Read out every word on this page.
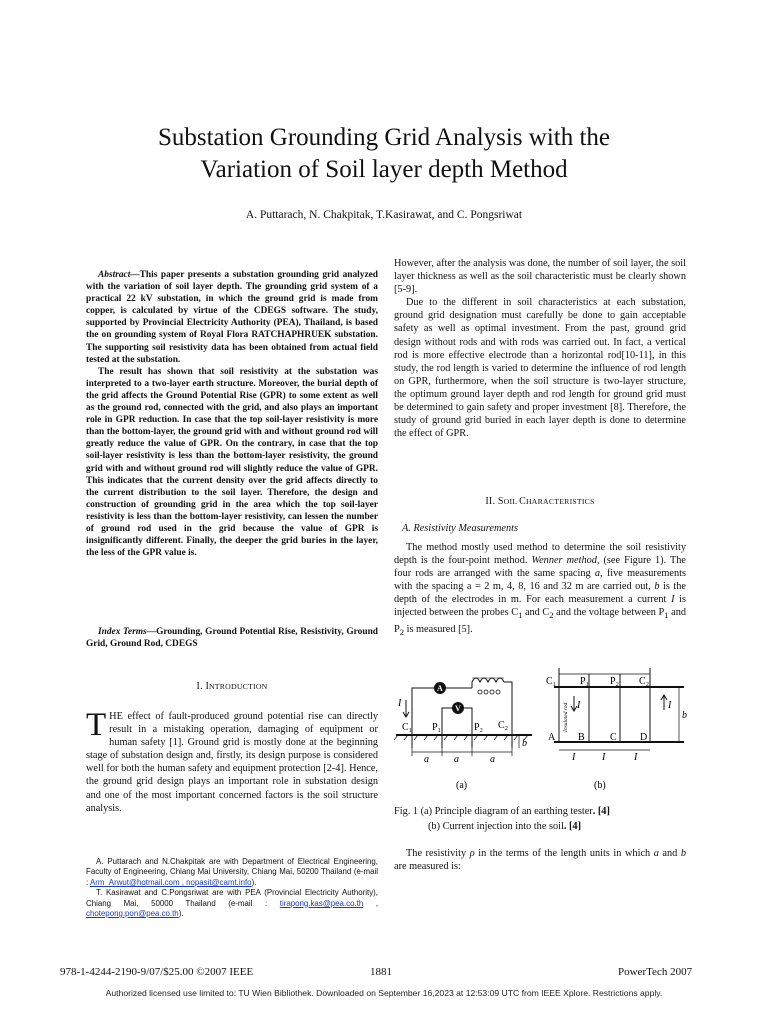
Substation Grounding Grid Analysis with the
Variation of Soil layer depth Method
A. Puttarach, N. Chakpitak, T.Kasirawat, and C. Pongsriwat

Abstract—This paper presents a substation grounding grid analyzed with the variation of soil layer depth. The grounding grid system of a practical 22 kV substation, in which the ground grid is made from copper, is calculated by virtue of the CDEGS software. The study, supported by Provincial Electricity Authority (PEA), Thailand, is based the on grounding system of Royal Flora RATCHAPHRUEK substation. The supporting soil resistivity data has been obtained from actual field tested at the substation.

The result has shown that soil resistivity at the substation was interpreted to a two-layer earth structure. Moreover, the burial depth of the grid affects the Ground Potential Rise (GPR) to some extent as well as the ground rod, connected with the grid, and also plays an important role in GPR reduction. In case that the top soil-layer resistivity is more than the bottom-layer, the ground grid with and without ground rod will greatly reduce the value of GPR. On the contrary, in case that the top soil-layer resistivity is less than the bottom-layer resistivity, the ground grid with and without ground rod will slightly reduce the value of GPR. This indicates that the current density over the grid affects directly to the current distribution to the soil layer. Therefore, the design and construction of grounding grid in the area which the top soil-layer resistivity is less than the bottom-layer resistivity, can lessen the number of ground rod used in the grid because the value of GPR is insignificantly different. Finally, the deeper the grid buries in the layer, the less of the GPR value is.

Index Terms—Grounding, Ground Potential Rise, Resistivity, Ground Grid, Ground Rod, CDEGS
I. INTRODUCTION
THE effect of fault-produced ground potential rise can directly result in a mistaking operation, damaging of equipment or human safety [1]. Ground grid is mostly done at the beginning stage of substation design and, firstly, its design purpose is considered well for both the human safety and equipment protection [2-4]. Hence, the ground grid design plays an important role in substation design and one of the most important concerned factors is the soil structure analysis.

A. Puttarach and N.Chakpitak are with Department of Electrical Engineering, Faculty of Engineering, Chiang Mai University, Chiang Mai, 50200 Thailand (e-mail : Arm_Arwut@hotmail.com , nopasit@camt.info).

T. Kasirawat and C.Pongsriwat are with PEA (Provincial Electricity Authority), Chiang Mai, 50000 Thailand (e-mail : tirapong.kas@pea.co.th , chotepong.pon@pea.co.th).

However, after the analysis was done, the number of soil layer, the soil layer thickness as well as the soil characteristic must be clearly shown [5-9].

Due to the different in soil characteristics at each substation, ground grid designation must carefully be done to gain acceptable safety as well as optimal investment. From the past, ground grid design without rods and with rods was carried out. In fact, a vertical rod is more effective electrode than a horizontal rod[10-11], in this study, the rod length is varied to determine the influence of rod length on GPR, furthermore, when the soil structure is two-layer structure, the optimum ground layer depth and rod length for ground grid must be determined to gain safety and proper investment [8]. Therefore, the study of ground grid buried in each layer depth is done to determine the effect of GPR.

II. SOIL CHARACTERISTICS
A. Resistivity Measurements

The method mostly used method to determine the soil resistivity depth is the four-point method. Wenner method, (see Figure 1). The four rods are arranged with the same spacing a, five measurements with the spacing a = 2 m, 4, 8, 16 and 32 m are carried out, b is the depth of the electrodes in m. For each measurement a current I is injected between the probes $C_1$ and $C_2$ and the voltage between $P_1$ and $P_2$ is measured [5].

A
V
I
C₁ P₁	P₂ C₂
a	a	a
b
(a)
C₁ P₁ P₂ C₂
I	I
A B	C D
b
I	I	I
Insulated rod
(b)
Fig. 1 (a) Principle diagram of an earthing tester. [4]
(b) Current injection into the soil. [4]
The resistivity ρ in the terms of the length units in which a and b are measured is:
978-1-4244-2190-9/07/$25.00 ©2007 IEEE	1881	PowerTech 2007
Authorized licensed use limited to: TU Wien Bibliothek. Downloaded on September 16,2023 at 12:53:09 UTC from IEEE Xplore. Restrictions apply.
